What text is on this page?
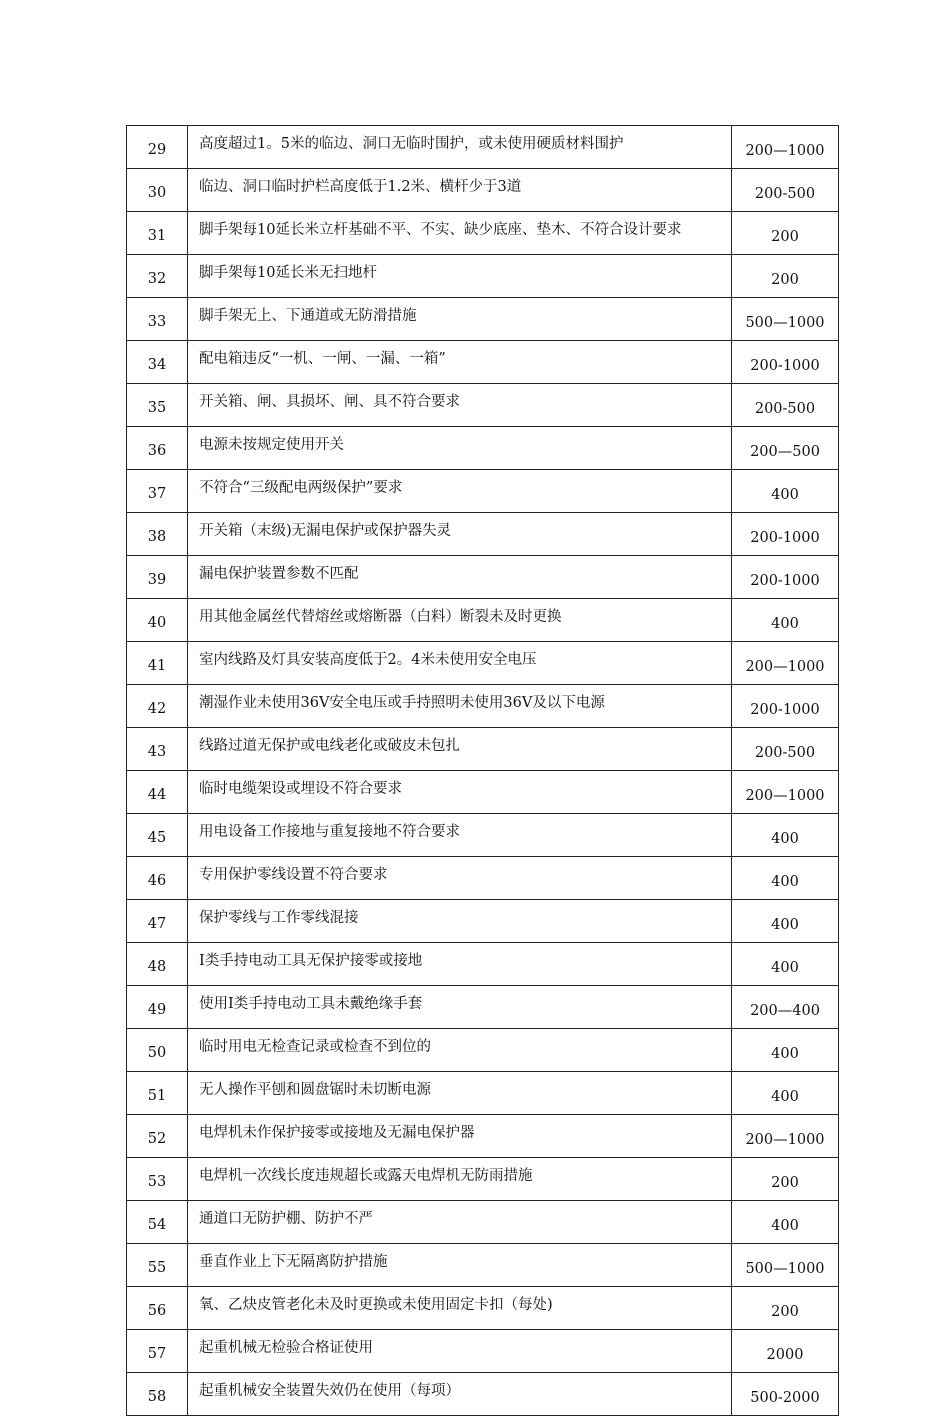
29	高度超过1。5米的临边、洞口无临时围护，或未使用硬质材料围护	200—1000
30	临边、洞口临时护栏高度低于1.2米、横杆少于3道	200-500
31	脚手架每10延长米立杆基础不平、不实、缺少底座、垫木、不符合设计要求	200
32	脚手架每10延长米无扫地杆	200
33	脚手架无上、下通道或无防滑措施	500—1000
34	配电箱违反“一机、一闸、一漏、一箱”	200-1000
35	开关箱、闸、具损坏、闸、具不符合要求	200-500
36	电源未按规定使用开关	200—500
37	不符合“三级配电两级保护”要求	400
38	开关箱（末级)无漏电保护或保护器失灵	200-1000
39	漏电保护装置参数不匹配	200-1000
40	用其他金属丝代替熔丝或熔断器（白料）断裂未及时更换	400
41	室内线路及灯具安装高度低于2。4米未使用安全电压	200—1000
42	潮湿作业未使用36V安全电压或手持照明未使用36V及以下电源	200-1000
43	线路过道无保护或电线老化或破皮未包扎	200-500
44	临时电缆架设或埋设不符合要求	200—1000
45	用电设备工作接地与重复接地不符合要求	400
46	专用保护零线设置不符合要求	400
47	保护零线与工作零线混接	400
48	Ⅰ类手持电动工具无保护接零或接地	400
49	使用Ⅰ类手持电动工具未戴绝缘手套	200—400
50	临时用电无检查记录或检查不到位的	400
51	无人操作平刨和圆盘锯时未切断电源	400
52	电焊机未作保护接零或接地及无漏电保护器	200—1000
53	电焊机一次线长度违规超长或露天电焊机无防雨措施	200
54	通道口无防护棚、防护不严	400
55	垂直作业上下无隔离防护措施	500—1000
56	氧、乙炔皮管老化未及时更换或未使用固定卡扣（每处)	200
57	起重机械无检验合格证使用	2000
58	起重机械安全装置失效仍在使用（每项）	500-2000
